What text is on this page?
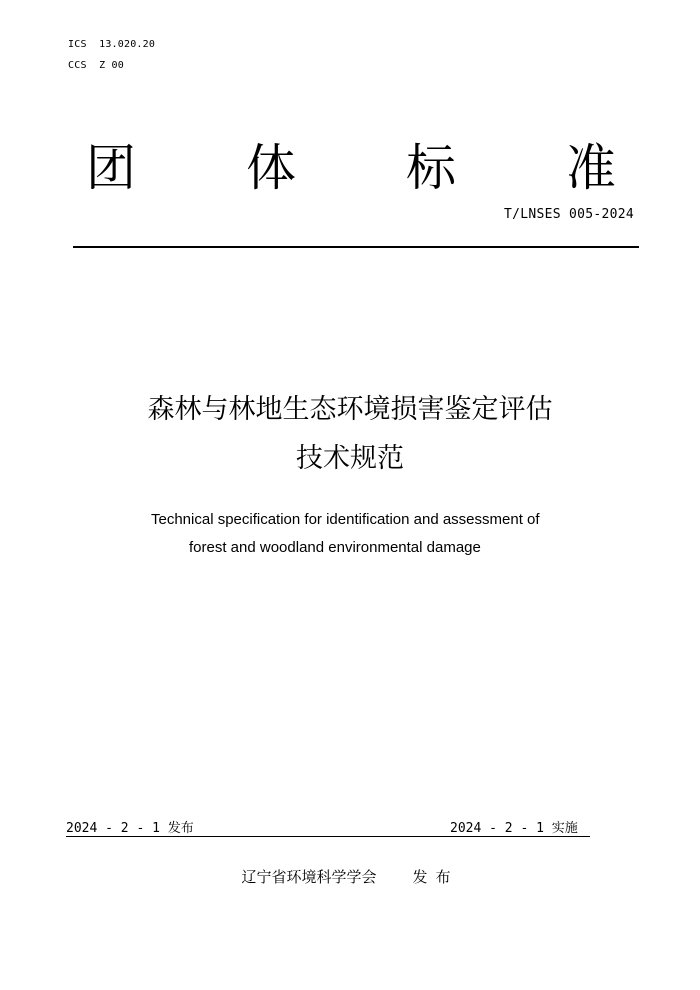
ICS  13.020.20
CCS  Z 00
团 体 标 准
T/LNSES 005-2024
森林与林地生态环境损害鉴定评估
技术规范
Technical specification for identification and assessment of
forest and woodland environmental damage
2024 - 2 - 1 发布	2024 - 2 - 1 实施
辽宁省环境科学学会 发布
